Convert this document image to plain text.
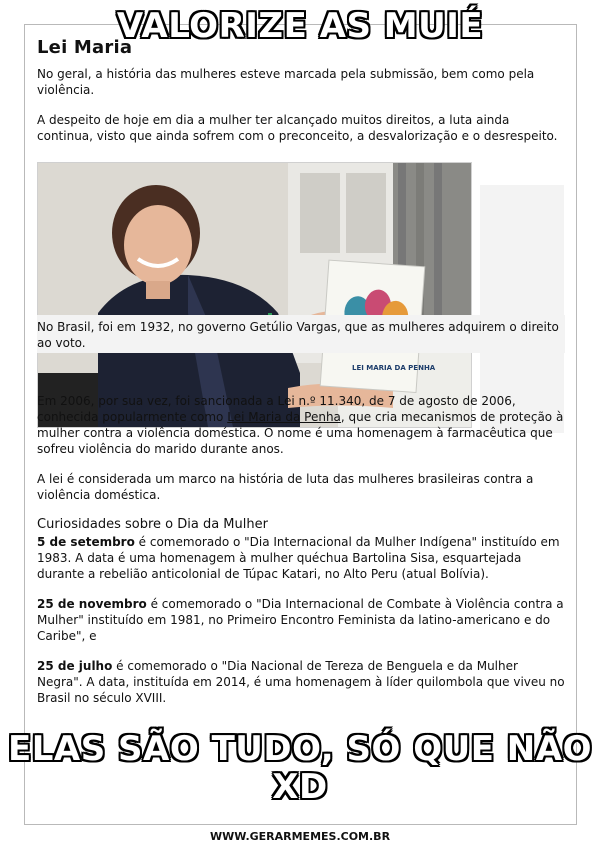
Lei Maria

No geral, a história das mulheres esteve marcada pela submissão, bem como pela violência.

A despeito de hoje em dia a mulher ter alcançado muitos direitos, a luta ainda continua, visto que ainda sofrem com o preconceito, a desvalorização e o desrespeito.

LEI MARIA DA PENHA

No Brasil, foi em 1932, no governo Getúlio Vargas, que as mulheres adquirem o direito ao voto.

Em 2006, por sua vez, foi sancionada a Lei n.º 11.340, de 7 de agosto de 2006, conhecida popularmente como Lei Maria da Penha, que cria mecanismos de proteção à mulher contra a violência doméstica. O nome é uma homenagem à farmacêutica que sofreu violência do marido durante anos.

A lei é considerada um marco na história de luta das mulheres brasileiras contra a violência doméstica.

Curiosidades sobre o Dia da Mulher

5 de setembro é comemorado o "Dia Internacional da Mulher Indígena" instituído em 1983. A data é uma homenagem à mulher quéchua Bartolina Sisa, esquartejada durante a rebelião anticolonial de Túpac Katari, no Alto Peru (atual Bolívia).

25 de novembro é comemorado o "Dia Internacional de Combate à Violência contra a Mulher" instituído em 1981, no Primeiro Encontro Feminista da latino-americano e do Caribe", e

25 de julho é comemorado o "Dia Nacional de Tereza de Benguela e da Mulher Negra". A data, instituída em 2014, é uma homenagem à líder quilombola que viveu no Brasil no século XVIII.

VALORIZE AS MUIÉ
ELAS SÃO TUDO, SÓ QUE NÃO
XD
WWW.GERARMEMES.COM.BR
